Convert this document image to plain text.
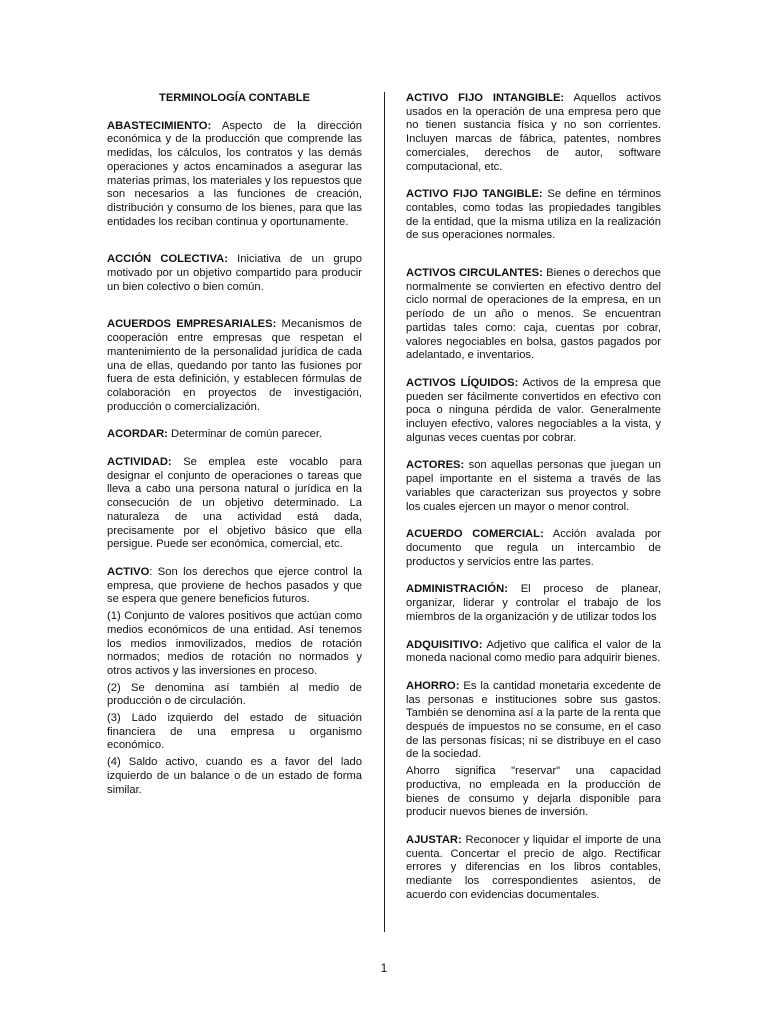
TERMINOLOGÍA CONTABLE
ABASTECIMIENTO: Aspecto de la dirección económica y de la producción que comprende las medidas, los cálculos, los contratos y las demás operaciones y actos encaminados a asegurar las materias primas, los materiales y los repuestos que son necesarios a las funciones de creación, distribución y consumo de los bienes, para que las entidades los reciban continua y oportunamente.
ACCIÓN COLECTIVA: Iniciativa de un grupo motivado por un objetivo compartido para producir un bien colectivo o bien común.
ACUERDOS EMPRESARIALES: Mecanismos de cooperación entre empresas que respetan el mantenimiento de la personalidad jurídica de cada una de ellas, quedando por tanto las fusiones por fuera de esta definición, y establecen fórmulas de colaboración en proyectos de investigación, producción o comercialización.
ACORDAR: Determinar de común parecer.
ACTIVIDAD: Se emplea este vocablo para designar el conjunto de operaciones o tareas que lleva a cabo una persona natural o jurídica en la consecución de un objetivo determinado. La naturaleza de una actividad está dada, precisamente por el objetivo básico que ella persigue. Puede ser económica, comercial, etc.

ACTIVO: Son los derechos que ejerce control la empresa, que proviene de hechos pasados y que se espera que genere beneficios futuros.

(1) Conjunto de valores positivos que actúan como medios económicos de una entidad. Así tenemos los medios inmovilizados, medios de rotación normados; medios de rotación no normados y otros activos y las inversiones en proceso.

(2) Se denomina así también al medio de producción o de circulación.

(3) Lado izquierdo del estado de situación financiera de una empresa u organismo económico.

(4) Saldo activo, cuando es a favor del lado izquierdo de un balance o de un estado de forma similar.

ACTIVO FIJO INTANGIBLE: Aquellos activos usados en la operación de una empresa pero que no tienen sustancia física y no son corrientes. Incluyen marcas de fábrica, patentes, nombres comerciales, derechos de autor, software computacional, etc.
ACTIVO FIJO TANGIBLE: Se define en términos contables, como todas las propiedades tangibles de la entidad, que la misma utiliza en la realización de sus operaciones normales.
ACTIVOS CIRCULANTES: Bienes o derechos que normalmente se convierten en efectivo dentro del ciclo normal de operaciones de la empresa, en un período de un año o menos. Se encuentran partidas tales como: caja, cuentas por cobrar, valores negociables en bolsa, gastos pagados por adelantado, e inventarios.
ACTIVOS LÍQUIDOS: Activos de la empresa que pueden ser fácilmente convertidos en efectivo con poca o ninguna pérdida de valor. Generalmente incluyen efectivo, valores negociables a la vista, y algunas veces cuentas por cobrar.
ACTORES: son aquellas personas que juegan un papel importante en el sistema a través de las variables que caracterizan sus proyectos y sobre los cuales ejercen un mayor o menor control.
ACUERDO COMERCIAL: Acción avalada por documento que regula un intercambio de productos y servicios entre las partes.
ADMINISTRACIÓN: El proceso de planear, organizar, liderar y controlar el trabajo de los miembros de la organización y de utilizar todos los
ADQUISITIVO: Adjetivo que califica el valor de la moneda nacional como medio para adquirir bienes.

AHORRO: Es la cantidad monetaria excedente de las personas e instituciones sobre sus gastos. También se denomina así a la parte de la renta que después de impuestos no se consume, en el caso de las personas físicas; ni se distribuye en el caso de la sociedad.

Ahorro significa "reservar" una capacidad productiva, no empleada en la producción de bienes de consumo y dejarla disponible para producir nuevos bienes de inversión.

AJUSTAR: Reconocer y liquidar el importe de una cuenta. Concertar el precio de algo. Rectificar errores y diferencias en los libros contables, mediante los correspondientes asientos, de acuerdo con evidencias documentales.
1
